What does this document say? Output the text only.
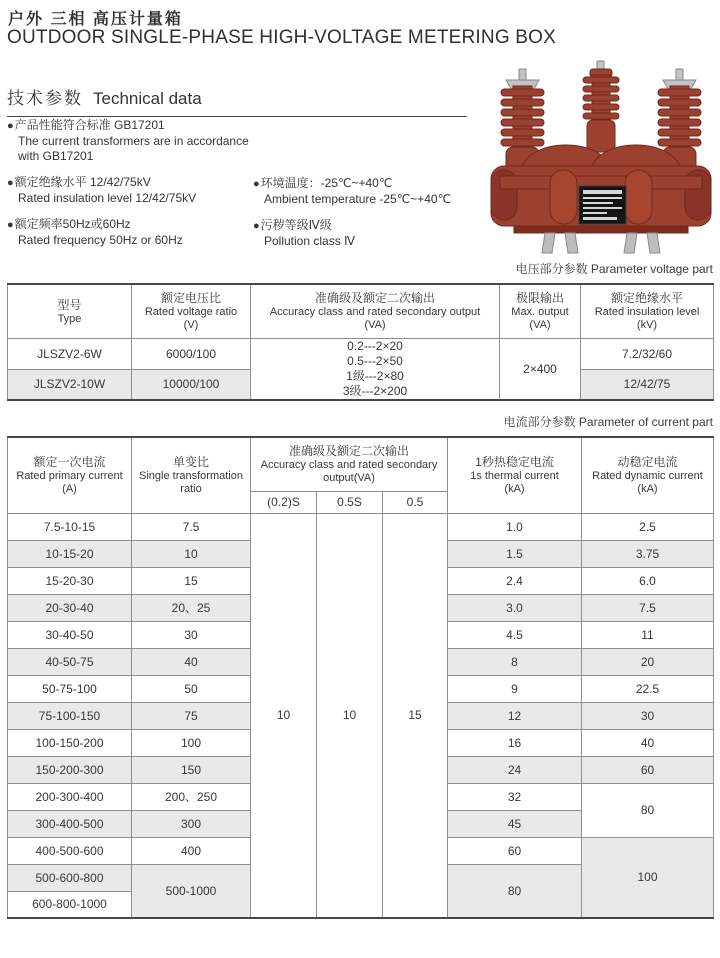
户外 三相 高压计量箱
OUTDOOR SINGLE-PHASE HIGH-VOLTAGE METERING BOX
技术参数 Technical data
●产品性能符合标准 GB17201
The current transformers are in accordance with GB17201
●额定绝缘水平 12/42/75kV
Rated insulation level 12/42/75kV
●额定频率50Hz或60Hz
Rated frequency 50Hz or 60Hz
●环境温度：-25℃~+40℃
Ambient temperature -25℃~+40℃
●污秽等级Ⅳ级
Pollution class Ⅳ
电压部分参数 Parameter voltage part
型号
Type

额定电压比
Rated voltage ratio
(V)

准确级及额定二次输出
Accuracy class and rated secondary output
(VA)

极限输出
Max. output
(VA)

额定绝缘水平
Rated insulation level
(kV)

JLSZV2-6W	6000/100	0.2---2×20
0.5---2×50
1级---2×80
3级---2×200	2×400	7.2/32/60
JLSZV2-10W	10000/100			12/42/75
电流部分参数 Parameter of current part
额定一次电流
Rated primary current
(A)

单变比
Single transformation ratio

准确级及额定二次输出
Accuracy class and rated secondary output(VA)

1秒热稳定电流
1s thermal current
(kA)

动稳定电流
Rated dynamic current
(kA)

		(0.2)S	0.5S	0.5		
7.5-10-15	7.5	10	10	15	1.0	2.5
10-15-20	10				1.5	3.75
15-20-30	15				2.4	6.0
20-30-40	20、25				3.0	7.5
30-40-50	30				4.5	11
40-50-75	40				8	20
50-75-100	50				9	22.5
75-100-150	75				12	30
100-150-200	100				16	40
150-200-300	150				24	60
200-300-400	200、250				32	80
300-400-500	300				45	
400-500-600	400				60	100
500-600-800	500-1000				80	
600-800-1000						
